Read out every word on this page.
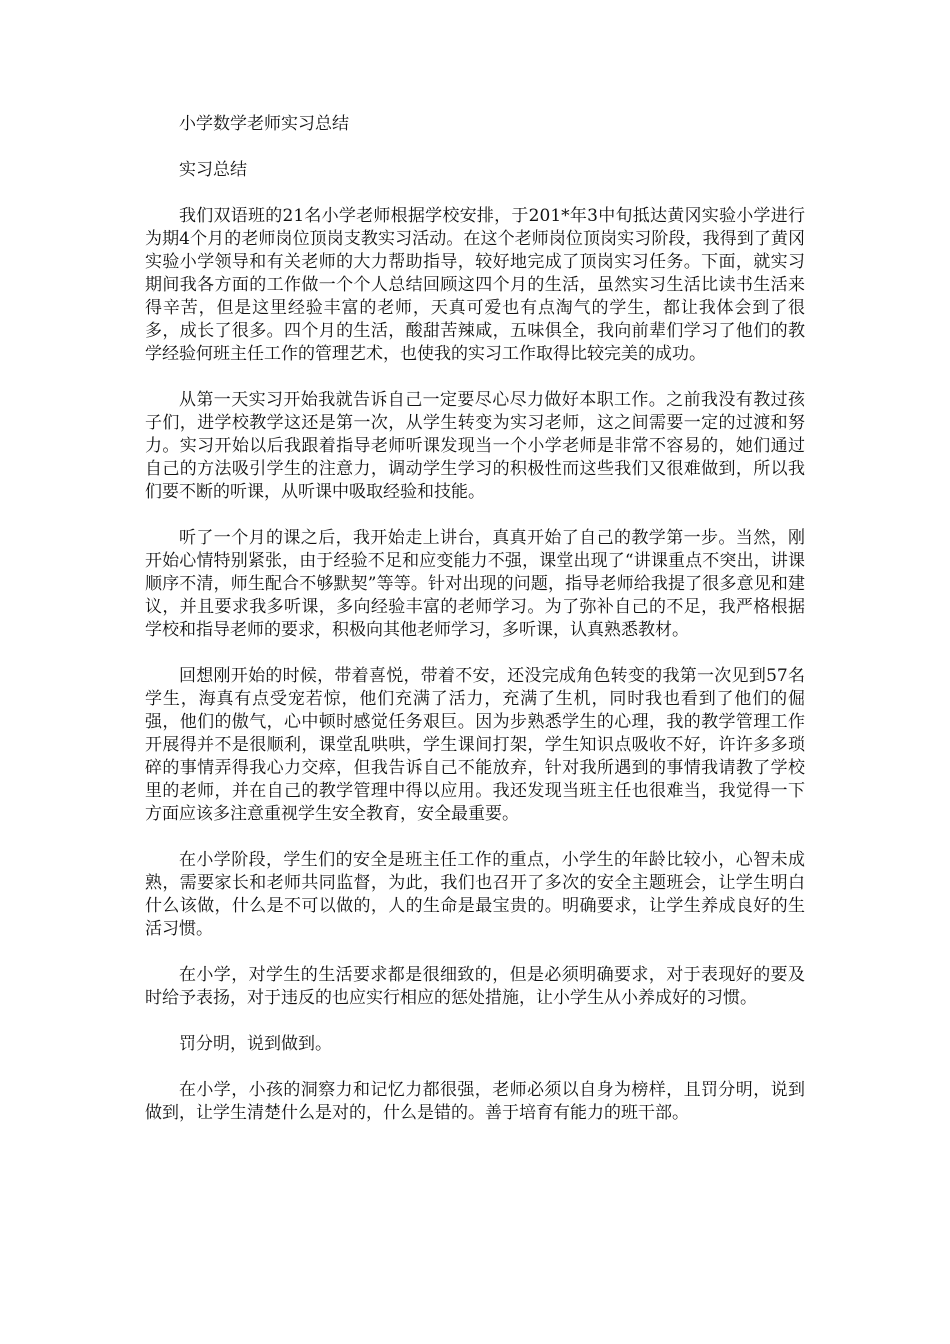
小学数学老师实习总结

实习总结

我们双语班的21名小学老师根据学校安排，于201*年3中旬抵达黄冈实验小学进行为期4个月的老师岗位顶岗支教实习活动。在这个老师岗位顶岗实习阶段，我得到了黄冈实验小学领导和有关老师的大力帮助指导，较好地完成了顶岗实习任务。下面，就实习期间我各方面的工作做一个个人总结回顾这四个月的生活，虽然实习生活比读书生活来得辛苦，但是这里经验丰富的老师，天真可爱也有点淘气的学生，都让我体会到了很多，成长了很多。四个月的生活，酸甜苦辣咸，五味俱全，我向前辈们学习了他们的教学经验何班主任工作的管理艺术，也使我的实习工作取得比较完美的成功。

从第一天实习开始我就告诉自己一定要尽心尽力做好本职工作。之前我没有教过孩子们，进学校教学这还是第一次，从学生转变为实习老师，这之间需要一定的过渡和努力。实习开始以后我跟着指导老师听课发现当一个小学老师是非常不容易的，她们通过自己的方法吸引学生的注意力，调动学生学习的积极性而这些我们又很难做到，所以我们要不断的听课，从听课中吸取经验和技能。

听了一个月的课之后，我开始走上讲台，真真开始了自己的教学第一步。当然，刚开始心情特别紧张，由于经验不足和应变能力不强，课堂出现了“讲课重点不突出，讲课顺序不清，师生配合不够默契”等等。针对出现的问题，指导老师给我提了很多意见和建议，并且要求我多听课，多向经验丰富的老师学习。为了弥补自己的不足，我严格根据学校和指导老师的要求，积极向其他老师学习，多听课，认真熟悉教材。

回想刚开始的时候，带着喜悦，带着不安，还没完成角色转变的我第一次见到57名学生，海真有点受宠若惊，他们充满了活力，充满了生机，同时我也看到了他们的倔强，他们的傲气，心中顿时感觉任务艰巨。因为步熟悉学生的心理，我的教学管理工作开展得并不是很顺利，课堂乱哄哄，学生课间打架，学生知识点吸收不好，许许多多琐碎的事情弄得我心力交瘁，但我告诉自己不能放弃，针对我所遇到的事情我请教了学校里的老师，并在自己的教学管理中得以应用。我还发现当班主任也很难当，我觉得一下方面应该多注意重视学生安全教育，安全最重要。

在小学阶段，学生们的安全是班主任工作的重点，小学生的年龄比较小，心智未成熟，需要家长和老师共同监督，为此，我们也召开了多次的安全主题班会，让学生明白什么该做，什么是不可以做的，人的生命是最宝贵的。明确要求，让学生养成良好的生活习惯。

在小学，对学生的生活要求都是很细致的，但是必须明确要求，对于表现好的要及时给予表扬，对于违反的也应实行相应的惩处措施，让小学生从小养成好的习惯。

罚分明，说到做到。

在小学，小孩的洞察力和记忆力都很强，老师必须以自身为榜样，且罚分明，说到做到，让学生清楚什么是对的，什么是错的。善于培育有能力的班干部。
